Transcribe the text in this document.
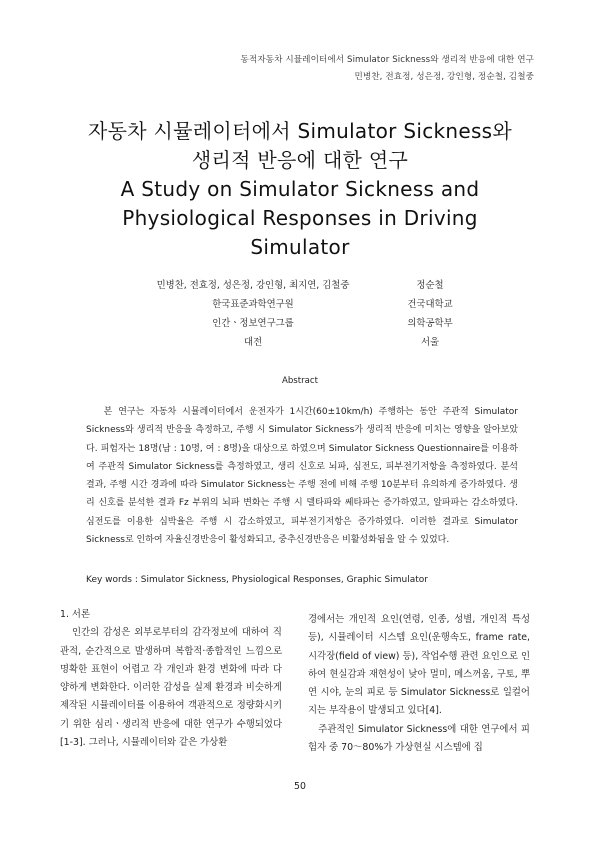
동적자동차 시뮬레이터에서 Simulator Sickness와 생리적 반응에 대한 연구
민병찬, 전효정, 성은정, 강인형, 정순철, 김철중
자동차 시뮬레이터에서 Simulator Sickness와
생리적 반응에 대한 연구
A Study on Simulator Sickness and
Physiological Responses in Driving
Simulator
민병찬, 전효정, 성은정, 강인형, 최지연, 김철중
한국표준과학연구원
인간ㆍ정보연구그룹
대전
정순철
건국대학교
의학공학부
서울
Abstract

본 연구는 자동차 시뮬레이터에서 운전자가 1시간(60±10km/h) 주행하는 동안 주관적 Simulator Sickness와 생리적 반응을 측정하고, 주행 시 Simulator Sickness가 생리적 반응에 미치는 영향을 알아보았다. 피험자는 18명(남 : 10명, 여 : 8명)을 대상으로 하였으며 Simulator Sickness Questionnaire를 이용하여 주관적 Simulator Sickness를 측정하였고, 생리 신호로 뇌파, 심전도, 피부전기저항을 측정하였다. 분석 결과, 주행 시간 경과에 따라 Simulator Sickness는 주행 전에 비해 주행 10분부터 유의하게 증가하였다. 생리 신호를 분석한 결과 Fz 부위의 뇌파 변화는 주행 시 델타파와 쎄타파는 증가하였고, 알파파는 감소하였다. 심전도를 이용한 심박율은 주행 시 감소하였고, 피부전기저항은 증가하였다. 이러한 결과로 Simulator Sickness로 인하여 자율신경반응이 활성화되고, 중추신경반응은 비활성화됨을 알 수 있었다.

Key words : Simulator Sickness, Physiological Responses, Graphic Simulator

1. 서론

인간의 감성은 외부로부터의 감각정보에 대하여 직관적, 순간적으로 발생하며 복합적·종합적인 느낌으로 명확한 표현이 어렵고 각 개인과 환경 변화에 따라 다양하게 변화한다. 이러한 감성을 실제 환경과 비슷하게 제작된 시뮬레이터를 이용하여 객관적으로 정량화시키기 위한 심리ㆍ생리적 반응에 대한 연구가 수행되었다[1-3]. 그러나, 시뮬레이터와 같은 가상환

경에서는 개인적 요인(연령, 인종, 성별, 개인적 특성 등), 시뮬레이터 시스템 요인(운행속도, frame rate, 시각장(field of view) 등), 작업수행 관련 요인으로 인하여 현실감과 재현성이 낮아 멀미, 메스꺼움, 구토, 뿌연 시야, 눈의 피로 등 Simulator Sickness로 일컬어지는 부작용이 발생되고 있다[4].

주관적인 Simulator Sickness에 대한 연구에서 피험자 중 70～80%가 가상현실 시스템에 집

50
